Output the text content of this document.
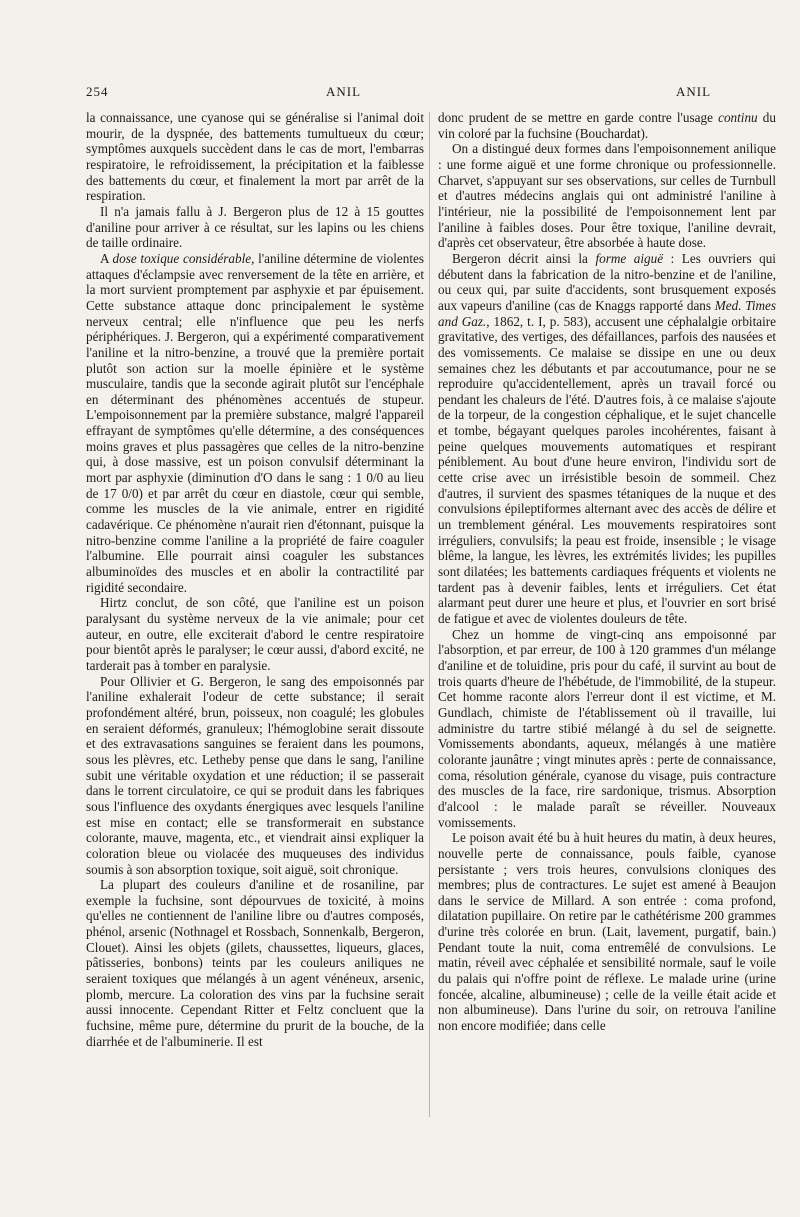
254	ANIL	ANIL

la connaissance, une cyanose qui se généralise si l'animal doit mourir, de la dyspnée, des battements tumultueux du cœur; symptômes auxquels succèdent dans le cas de mort, l'embarras respiratoire, le refroidissement, la précipitation et la faiblesse des battements du cœur, et finalement la mort par arrêt de la respiration.

Il n'a jamais fallu à J. Bergeron plus de 12 à 15 gouttes d'aniline pour arriver à ce résultat, sur les lapins ou les chiens de taille ordinaire.

A dose toxique considérable, l'aniline détermine de violentes attaques d'éclampsie avec renversement de la tête en arrière, et la mort survient promptement par asphyxie et par épuisement. Cette substance attaque donc principalement le système nerveux central; elle n'influence que peu les nerfs périphériques. J. Bergeron, qui a expérimenté comparativement l'aniline et la nitro-benzine, a trouvé que la première portait plutôt son action sur la moelle épinière et le système musculaire, tandis que la seconde agirait plutôt sur l'encéphale en déterminant des phénomènes accentués de stupeur. L'empoisonnement par la première substance, malgré l'appareil effrayant de symptômes qu'elle détermine, a des conséquences moins graves et plus passagères que celles de la nitro-benzine qui, à dose massive, est un poison convulsif déterminant la mort par asphyxie (diminution d'O dans le sang : 1 0/0 au lieu de 17 0/0) et par arrêt du cœur en diastole, cœur qui semble, comme les muscles de la vie animale, entrer en rigidité cadavérique. Ce phénomène n'aurait rien d'étonnant, puisque la nitro-benzine comme l'aniline a la propriété de faire coaguler l'albumine. Elle pourrait ainsi coaguler les substances albuminoïdes des muscles et en abolir la contractilité par rigidité secondaire.

Hirtz conclut, de son côté, que l'aniline est un poison paralysant du système nerveux de la vie animale; pour cet auteur, en outre, elle exciterait d'abord le centre respiratoire pour bientôt après le paralyser; le cœur aussi, d'abord excité, ne tarderait pas à tomber en paralysie.

Pour Ollivier et G. Bergeron, le sang des empoisonnés par l'aniline exhalerait l'odeur de cette substance; il serait profondément altéré, brun, poisseux, non coagulé; les globules en seraient déformés, granuleux; l'hémoglobine serait dissoute et des extravasations sanguines se feraient dans les poumons, sous les plèvres, etc. Letheby pense que dans le sang, l'aniline subit une véritable oxydation et une réduction; il se passerait dans le torrent circulatoire, ce qui se produit dans les fabriques sous l'influence des oxydants énergiques avec lesquels l'aniline est mise en contact; elle se transformerait en substance colorante, mauve, magenta, etc., et viendrait ainsi expliquer la coloration bleue ou violacée des muqueuses des individus soumis à son absorption toxique, soit aiguë, soit chronique.

La plupart des couleurs d'aniline et de rosaniline, par exemple la fuchsine, sont dépourvues de toxicité, à moins qu'elles ne contiennent de l'aniline libre ou d'autres composés, phénol, arsenic (Nothnagel et Rossbach, Sonnenkalb, Bergeron, Clouet). Ainsi les objets (gilets, chaussettes, liqueurs, glaces, pâtisseries, bonbons) teints par les couleurs aniliques ne seraient toxiques que mélangés à un agent vénéneux, arsenic, plomb, mercure. La coloration des vins par la fuchsine serait aussi innocente. Cependant Ritter et Feltz concluent que la fuchsine, même pure, détermine du prurit de la bouche, de la diarrhée et de l'albuminerie. Il est

donc prudent de se mettre en garde contre l'usage continu du vin coloré par la fuchsine (Bouchardat).

On a distingué deux formes dans l'empoisonnement anilique : une forme aiguë et une forme chronique ou professionnelle. Charvet, s'appuyant sur ses observations, sur celles de Turnbull et d'autres médecins anglais qui ont administré l'aniline à l'intérieur, nie la possibilité de l'empoisonnement lent par l'aniline à faibles doses. Pour être toxique, l'aniline devrait, d'après cet observateur, être absorbée à haute dose.

Bergeron décrit ainsi la forme aiguë : Les ouvriers qui débutent dans la fabrication de la nitro-benzine et de l'aniline, ou ceux qui, par suite d'accidents, sont brusquement exposés aux vapeurs d'aniline (cas de Knaggs rapporté dans Med. Times and Gaz., 1862, t. I, p. 583), accusent une céphalalgie orbitaire gravitative, des vertiges, des défaillances, parfois des nausées et des vomissements. Ce malaise se dissipe en une ou deux semaines chez les débutants et par accoutumance, pour ne se reproduire qu'accidentellement, après un travail forcé ou pendant les chaleurs de l'été. D'autres fois, à ce malaise s'ajoute de la torpeur, de la congestion céphalique, et le sujet chancelle et tombe, bégayant quelques paroles incohérentes, faisant à peine quelques mouvements automatiques et respirant péniblement. Au bout d'une heure environ, l'individu sort de cette crise avec un irrésistible besoin de sommeil. Chez d'autres, il survient des spasmes tétaniques de la nuque et des convulsions épileptiformes alternant avec des accès de délire et un tremblement général. Les mouvements respiratoires sont irréguliers, convulsifs; la peau est froide, insensible ; le visage blême, la langue, les lèvres, les extrémités livides; les pupilles sont dilatées; les battements cardiaques fréquents et violents ne tardent pas à devenir faibles, lents et irréguliers. Cet état alarmant peut durer une heure et plus, et l'ouvrier en sort brisé de fatigue et avec de violentes douleurs de tête.

Chez un homme de vingt-cinq ans empoisonné par l'absorption, et par erreur, de 100 à 120 grammes d'un mélange d'aniline et de toluidine, pris pour du café, il survint au bout de trois quarts d'heure de l'hébétude, de l'immobilité, de la stupeur. Cet homme raconte alors l'erreur dont il est victime, et M. Gundlach, chimiste de l'établissement où il travaille, lui administre du tartre stibié mélangé à du sel de seignette. Vomissements abondants, aqueux, mélangés à une matière colorante jaunâtre ; vingt minutes après : perte de connaissance, coma, résolution générale, cyanose du visage, puis contracture des muscles de la face, rire sardonique, trismus. Absorption d'alcool : le malade paraît se réveiller. Nouveaux vomissements.

Le poison avait été bu à huit heures du matin, à deux heures, nouvelle perte de connaissance, pouls faible, cyanose persistante ; vers trois heures, convulsions cloniques des membres; plus de contractures. Le sujet est amené à Beaujon dans le service de Millard. A son entrée : coma profond, dilatation pupillaire. On retire par le cathétérisme 200 grammes d'urine très colorée en brun. (Lait, lavement, purgatif, bain.) Pendant toute la nuit, coma entremêlé de convulsions. Le matin, réveil avec céphalée et sensibilité normale, sauf le voile du palais qui n'offre point de réflexe. Le malade urine (urine foncée, alcaline, albumineuse) ; celle de la veille était acide et non albumineuse). Dans l'urine du soir, on retrouva l'aniline non encore modifiée; dans celle
